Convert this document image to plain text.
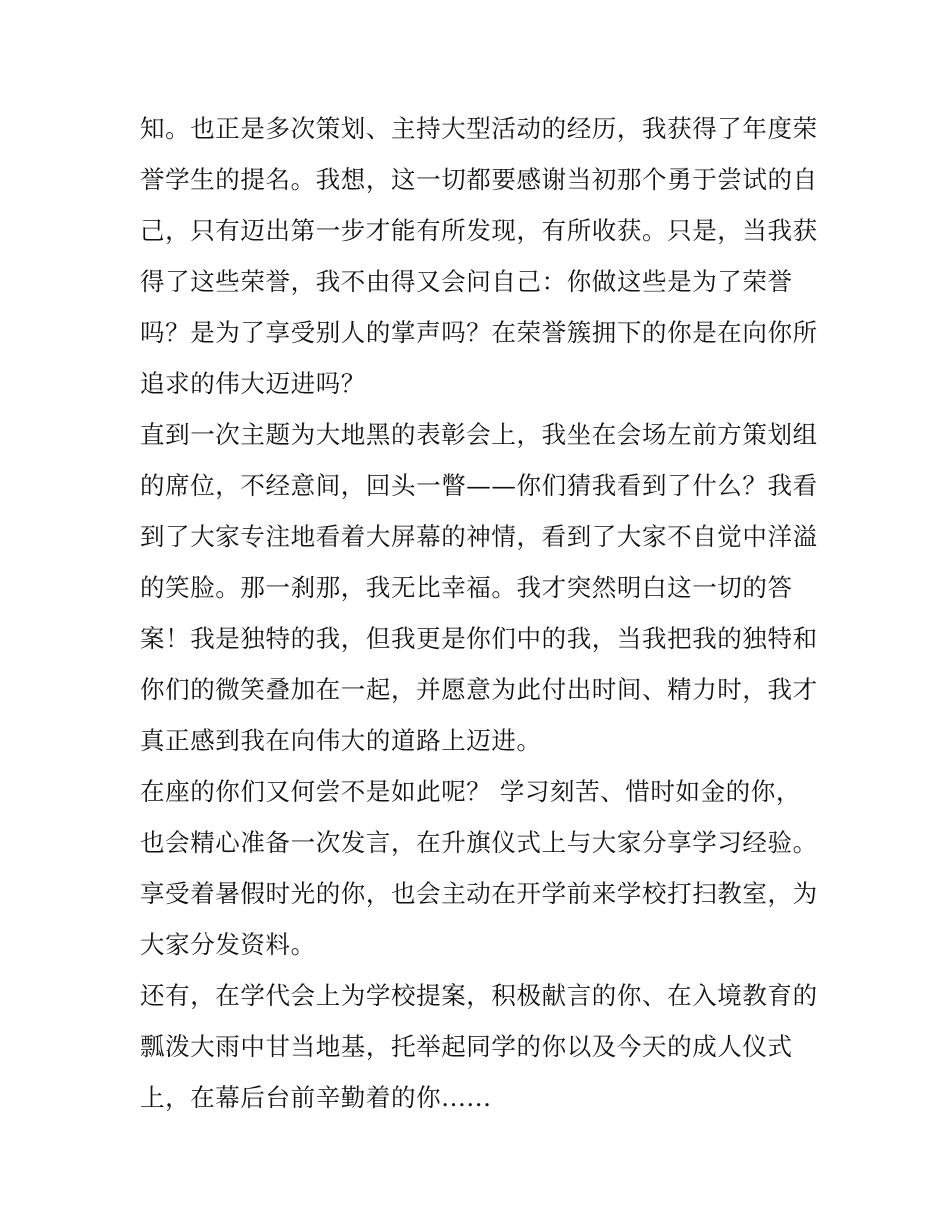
知。也正是多次策划、主持大型活动的经历，我获得了年度荣
誉学生的提名。我想，这一切都要感谢当初那个勇于尝试的自
己，只有迈出第一步才能有所发现，有所收获。只是，当我获
得了这些荣誉，我不由得又会问自己：你做这些是为了荣誉
吗？是为了享受别人的掌声吗？在荣誉簇拥下的你是在向你所
追求的伟大迈进吗？
直到一次主题为大地黑的表彰会上，我坐在会场左前方策划组
的席位，不经意间，回头一瞥——你们猜我看到了什么？我看
到了大家专注地看着大屏幕的神情，看到了大家不自觉中洋溢
的笑脸。那一刹那，我无比幸福。我才突然明白这一切的答
案！我是独特的我，但我更是你们中的我，当我把我的独特和
你们的微笑叠加在一起，并愿意为此付出时间、精力时，我才
真正感到我在向伟大的道路上迈进。
在座的你们又何尝不是如此呢？ 学习刻苦、惜时如金的你，
也会精心准备一次发言，在升旗仪式上与大家分享学习经验。
享受着暑假时光的你，也会主动在开学前来学校打扫教室，为
大家分发资料。
还有，在学代会上为学校提案，积极献言的你、在入境教育的
瓢泼大雨中甘当地基，托举起同学的你以及今天的成人仪式
上，在幕后台前辛勤着的你......
